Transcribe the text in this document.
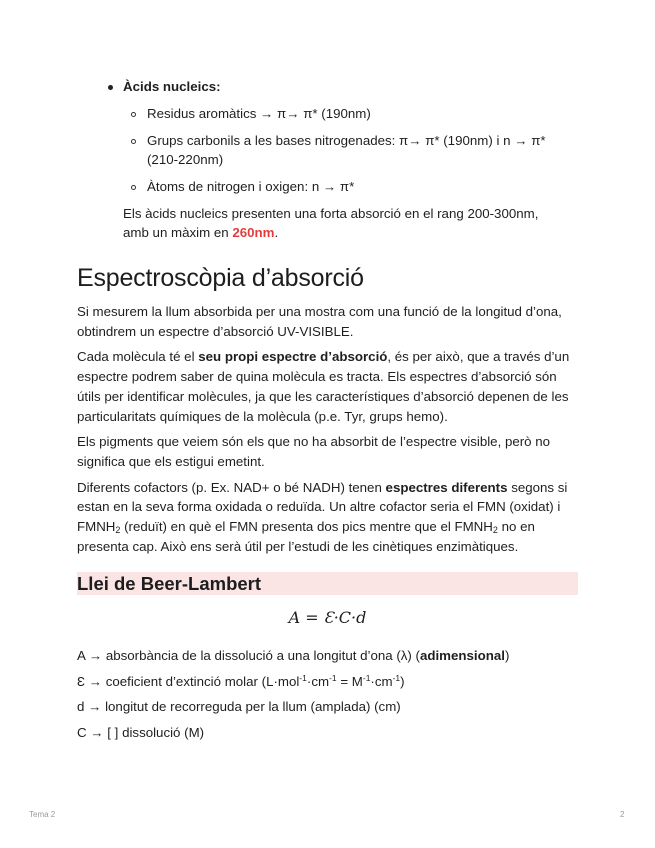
Àcids nucleics:
Residus aromàtics → π→ π* (190nm)
Grups carbonils a les bases nitrogenades: π→ π* (190nm) i n → π*
(210-220nm)
Àtoms de nitrogen i oxigen: n → π*
Els àcids nucleics presenten una forta absorció en el rang 200-300nm,
amb un màxim en 260nm.
Espectroscòpia d’absorció

Si mesurem la llum absorbida per una mostra com una funció de la longitud d’ona, obtindrem un espectre d’absorció UV-VISIBLE.

Cada molècula té el seu propi espectre d’absorció, és per això, que a través d’un espectre podrem saber de quina molècula es tracta. Els espectres d’absorció són útils per identificar molècules, ja que les característiques d’absorció depenen de les particularitats químiques de la molècula (p.e. Tyr, grups hemo).

Els pigments que veiem són els que no ha absorbit de l’espectre visible, però no significa que els estigui emetint.

Diferents cofactors (p. Ex. NAD+ o bé NADH) tenen espectres diferents segons si estan en la seva forma oxidada o reduïda. Un altre cofactor seria el FMN (oxidat) i $FMNH_2$ (reduït) en què el FMN presenta dos pics mentre que el $FMNH_2$ no en presenta cap. Això ens serà útil per l’estudi de les cinètiques enzimàtiques.

Llei de Beer-Lambert
A = Ɛ·C·d

A → absorbància de la dissolució a una longitut d’ona (λ) (adimensional)

Ɛ → coeficient d’extinció molar $(L\cdot mol^{-1}\cdot cm^{-1} = M^{-1}\cdot cm^{-1})$

d → longitut de recorreguda per la llum (amplada) (cm)

C → [ ] dissolució (M)

Tema 2	2
